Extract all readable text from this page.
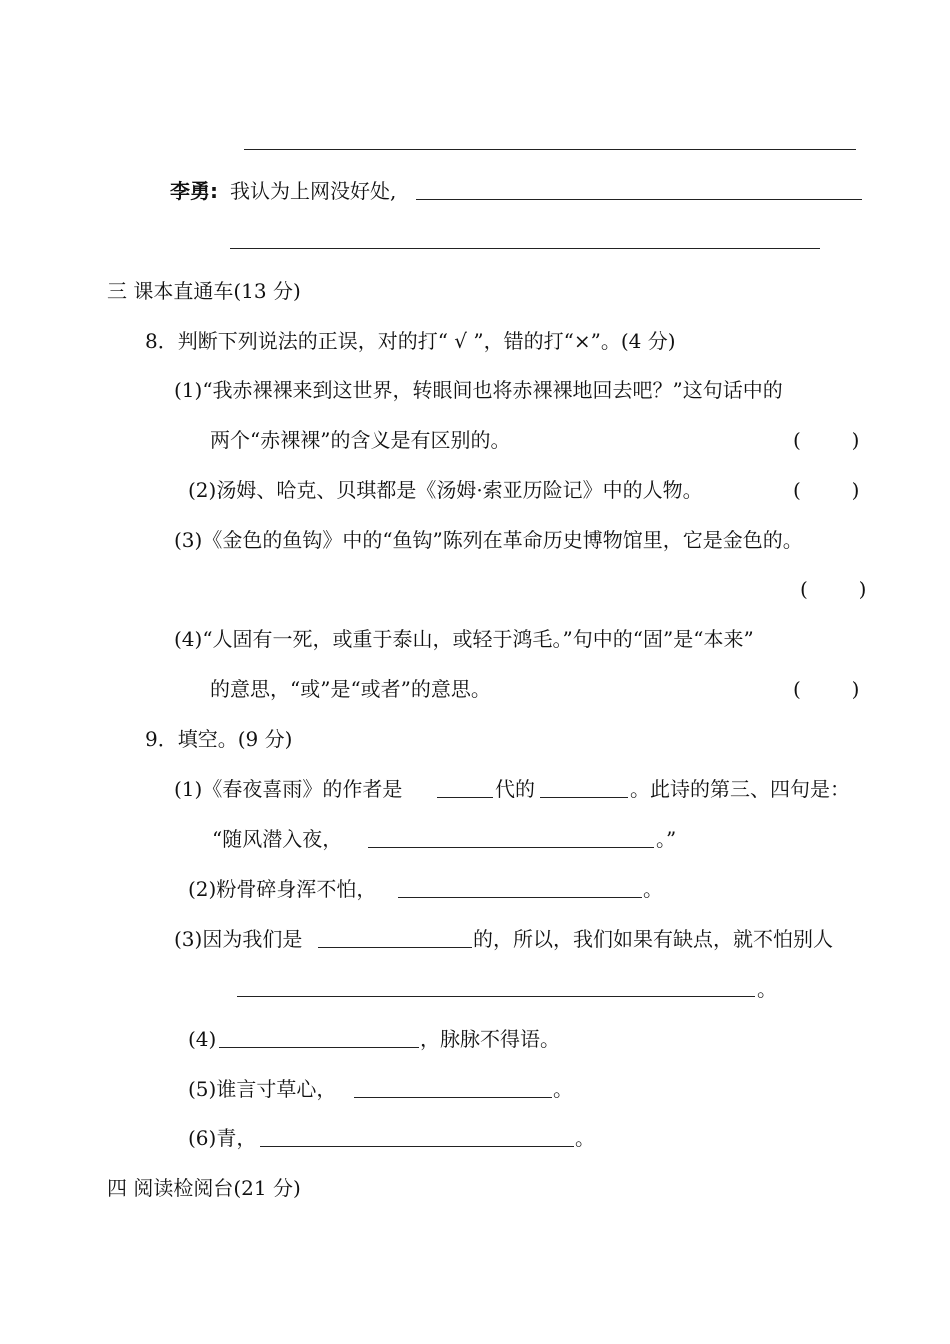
李勇: 我认为上网没好处,
三 课本直通车(13 分)
8．判断下列说法的正误，对的打“ √ ”，错的打“×”。(4 分)
(1)“我赤裸裸来到这世界，转眼间也将赤裸裸地回去吧？”这句话中的
两个“赤裸裸”的含义是有区别的。	(        )
(2)汤姆、哈克、贝琪都是《汤姆·索亚历险记》中的人物。	(        )
(3)《金色的鱼钩》中的“鱼钩”陈列在革命历史博物馆里，它是金色的。
(        )
(4)“人固有一死，或重于泰山，或轻于鸿毛。”句中的“固”是“本来”
的意思，“或”是“或者”的意思。	(        )
9．填空。(9 分)
(1)《春夜喜雨》的作者是	代的	。此诗的第三、四句是：
“随风潜入夜，	。”
(2)粉骨碎身浑不怕，	。
(3)因为我们是	的，所以，我们如果有缺点，就不怕别人
。
(4)	，脉脉不得语。
(5)谁言寸草心，	。
(6)青，	。
四 阅读检阅台(21 分)
